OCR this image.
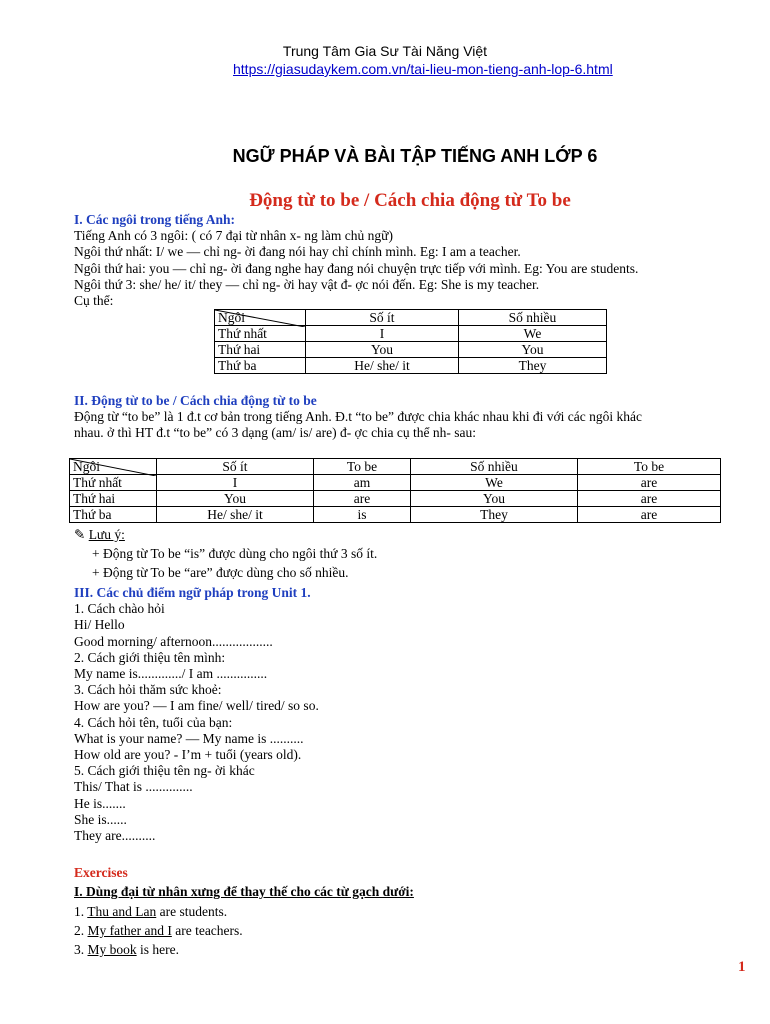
Trung Tâm Gia Sư Tài Năng Việt
https://giasudaykem.com.vn/tai-lieu-mon-tieng-anh-lop-6.html
NGỮ PHÁP VÀ BÀI TẬP TIẾNG ANH LỚP 6
Động từ to be / Cách chia động từ To be
I. Các ngôi trong tiếng Anh:
Tiếng Anh có 3 ngôi: ( có 7 đại từ nhân x- ng làm chủ ngữ)
Ngôi thứ nhất: I/ we — chỉ ng- ời đang nói hay chỉ chính mình. Eg: I am a teacher.
Ngôi thứ hai: you — chỉ ng- ời đang nghe hay đang nói chuyện trực tiếp với mình. Eg: You are students.
Ngôi thứ 3: she/ he/ it/ they — chỉ ng- ời hay vật đ- ợc nói đến. Eg: She is my teacher.
Cụ thể:
Ngôi	Số ít	Số nhiều
Thứ nhất	I	We
Thứ hai	You	You
Thứ ba	He/ she/ it	They
II. Động từ to be / Cách chia động từ to be
Động từ “to be” là 1 đ.t cơ bản trong tiếng Anh. Đ.t “to be” được chia khác nhau khi đi với các ngôi khác
nhau. ở thì HT đ.t “to be” có 3 dạng (am/ is/ are) đ- ợc chia cụ thể nh- sau:
Ngôi	Số ít	To be	Số nhiều	To be
Thứ nhất	I	am	We	are
Thứ hai	You	are	You	are
Thứ ba	He/ she/ it	is	They	are
✎ Lưu ý:
+ Động từ To be “is” được dùng cho ngôi thứ 3 số ít.
+ Động từ To be “are” được dùng cho số nhiều.
III. Các chủ điểm ngữ pháp trong Unit 1.
1. Cách chào hỏi
Hi/ Hello
Good morning/ afternoon..................
2. Cách giới thiệu tên mình:
My name is............./ I am ...............
3. Cách hỏi thăm sức khoẻ:
How are you? — I am fine/ well/ tired/ so so.
4. Cách hỏi tên, tuổi của bạn:
What is your name? — My name is ..........
How old are you? - I’m + tuổi (years old).
5. Cách giới thiệu tên ng- ời khác
This/ That is ..............
He is.......
She is......
They are..........
Exercises
I. Dùng đại từ nhân xưng để thay thế cho các từ gạch dưới:
1. Thu and Lan are students.
2. My father and I are teachers.
3. My book is here.
1
